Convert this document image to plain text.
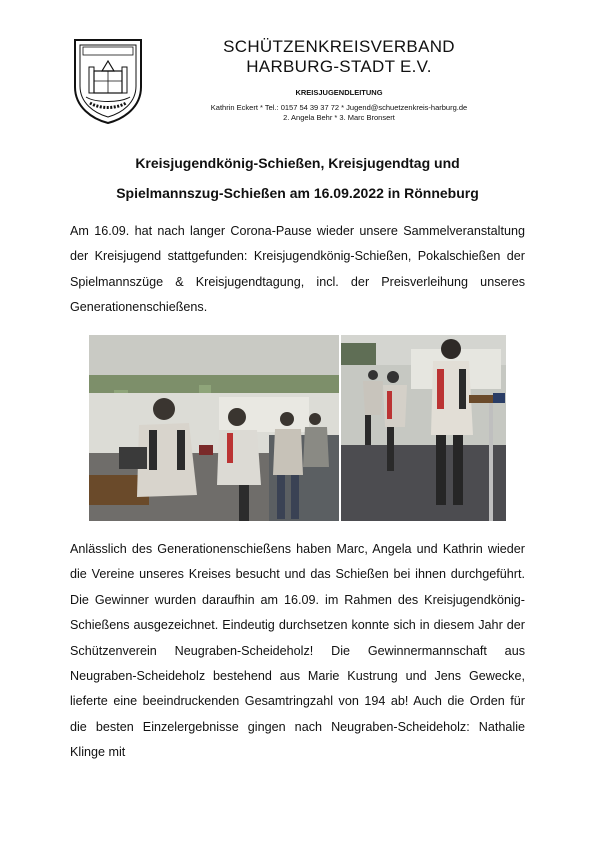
SCHÜTZENKREISVERBAND
HARBURG-STADT E.V.
KREISJUGENDLEITUNG
Kathrin Eckert * Tel.: 0157 54 39 37 72 * Jugend@schuetzenkreis-harburg.de
2. Angela Behr * 3. Marc Bronsert
Kreisjugendkönig-Schießen, Kreisjugendtag und
Spielmannszug-Schießen am 16.09.2022 in Rönneburg
Am 16.09. hat nach langer Corona-Pause wieder unsere Sammelveranstaltung der Kreisjugend stattgefunden: Kreisjugendkönig-Schießen, Pokalschießen der Spielmannszüge & Kreisjugendtagung, incl. der Preisverleihung unseres Generationenschießens.
Anlässlich des Generationenschießens haben Marc, Angela und Kathrin wieder die Vereine unseres Kreises besucht und das Schießen bei ihnen durchgeführt. Die Gewinner wurden daraufhin am 16.09. im Rahmen des Kreisjugendkönig-Schießens ausgezeichnet. Eindeutig durchsetzen konnte sich in diesem Jahr der Schützenverein Neugraben-Scheideholz! Die Gewinnermannschaft aus Neugraben-Scheideholz bestehend aus Marie Kustrung und Jens Gewecke, lieferte eine beeindruckenden Gesamtringzahl von 194 ab! Auch die Orden für die besten Einzelergebnisse gingen nach Neugraben-Scheideholz: Nathalie Klinge mit
